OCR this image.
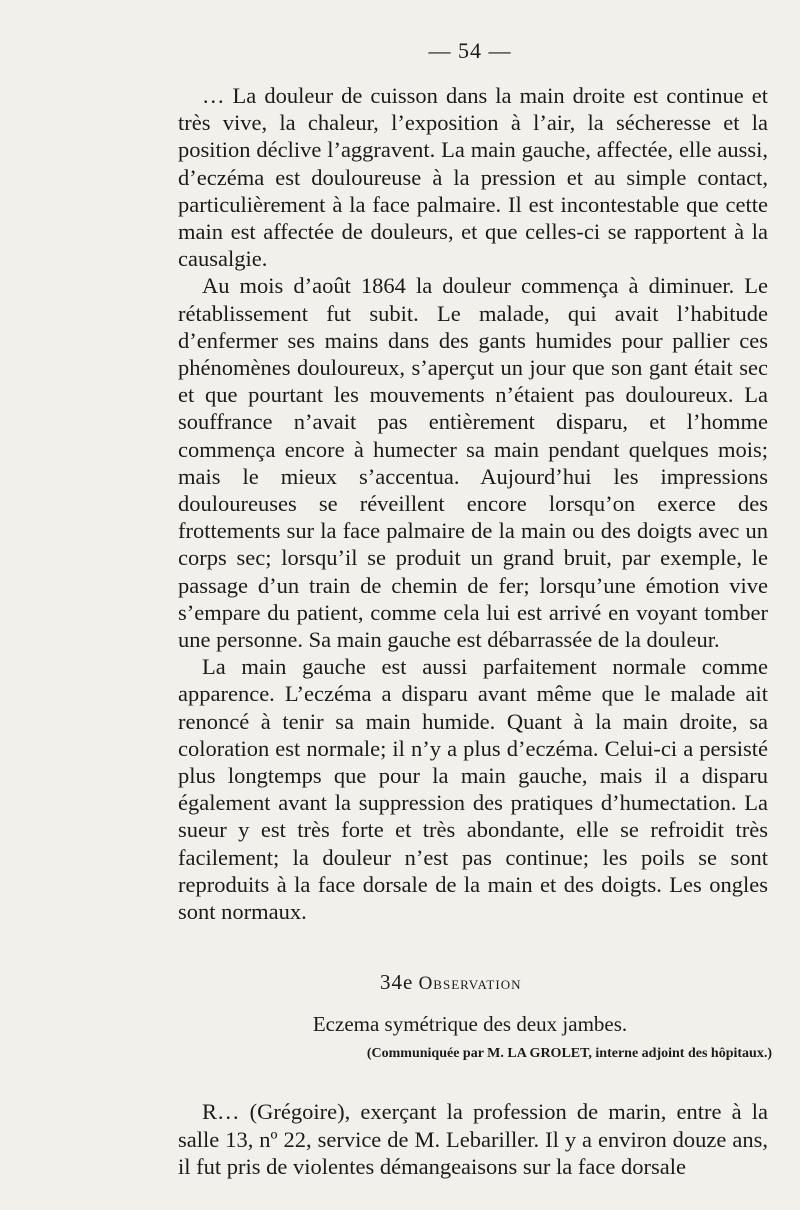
— 54 —

… La douleur de cuisson dans la main droite est continue et très vive, la chaleur, l’exposition à l’air, la sécheresse et la position déclive l’aggravent. La main gauche, affectée, elle aussi, d’eczéma est douloureuse à la pression et au simple contact, particulièrement à la face palmaire. Il est incontestable que cette main est affectée de douleurs, et que celles-ci se rapportent à la causalgie.

Au mois d’août 1864 la douleur commença à diminuer. Le rétablissement fut subit. Le malade, qui avait l’habitude d’enfermer ses mains dans des gants humides pour pallier ces phénomènes douloureux, s’aperçut un jour que son gant était sec et que pourtant les mouvements n’étaient pas douloureux. La souffrance n’avait pas entièrement disparu, et l’homme commença encore à humecter sa main pendant quelques mois; mais le mieux s’accentua. Aujourd’hui les impressions douloureuses se réveillent encore lorsqu’on exerce des frottements sur la face palmaire de la main ou des doigts avec un corps sec; lorsqu’il se produit un grand bruit, par exemple, le passage d’un train de chemin de fer; lorsqu’une émotion vive s’empare du patient, comme cela lui est arrivé en voyant tomber une personne. Sa main gauche est débarrassée de la douleur.

La main gauche est aussi parfaitement normale comme apparence. L’eczéma a disparu avant même que le malade ait renoncé à tenir sa main humide. Quant à la main droite, sa coloration est normale; il n’y a plus d’eczéma. Celui-ci a persisté plus longtemps que pour la main gauche, mais il a disparu également avant la suppression des pratiques d’humectation. La sueur y est très forte et très abondante, elle se refroidit très facilement; la douleur n’est pas continue; les poils se sont reproduits à la face dorsale de la main et des doigts. Les ongles sont normaux.

34e Observation
Eczema symétrique des deux jambes.
(Communiquée par M. LA GROLET, interne adjoint des hôpitaux.)

R… (Grégoire), exerçant la profession de marin, entre à la salle 13, nº 22, service de M. Lebariller. Il y a environ douze ans, il fut pris de violentes démangeaisons sur la face dorsale
